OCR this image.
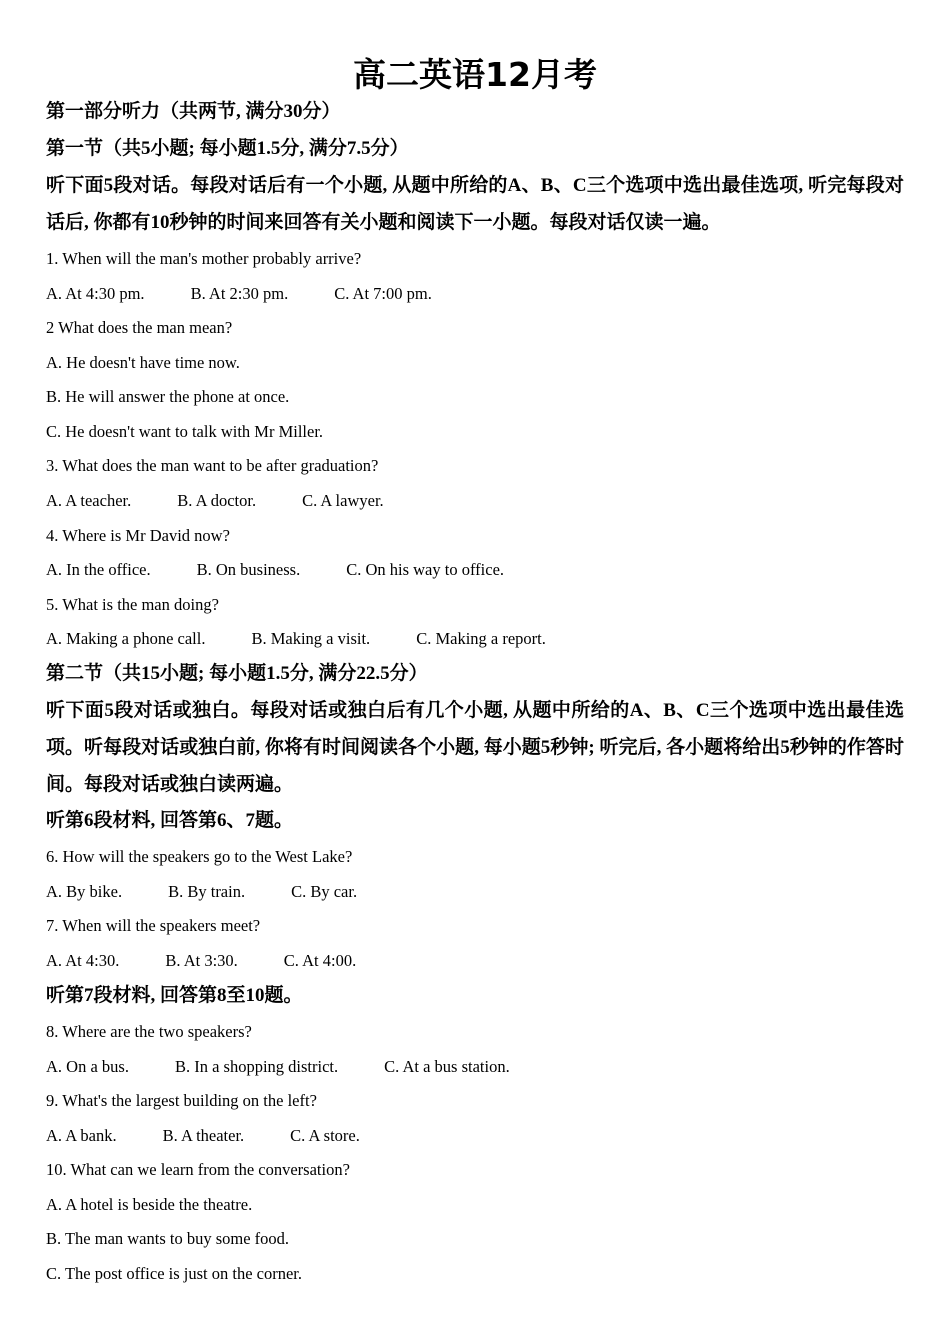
高二英语12月考
第一部分听力（共两节, 满分30分）
第一节（共5小题; 每小题1.5分, 满分7.5分）
听下面5段对话。每段对话后有一个小题, 从题中所给的A、B、C三个选项中选出最佳选项, 听完每段对话后, 你都有10秒钟的时间来回答有关小题和阅读下一小题。每段对话仅读一遍。
1. When will the man's mother probably arrive?
A. At 4:30 pm.	B. At 2:30 pm.	C. At 7:00 pm.
2 What does the man mean?
A. He doesn't have time now.
B. He will answer the phone at once.
C. He doesn't want to talk with Mr Miller.
3. What does the man want to be after graduation?
A. A teacher.	B. A doctor.	C. A lawyer.
4. Where is Mr David now?
A. In the office.	B. On business.	C. On his way to office.
5. What is the man doing?
A. Making a phone call.	B. Making a visit.	C. Making a report.
第二节（共15小题; 每小题1.5分, 满分22.5分）
听下面5段对话或独白。每段对话或独白后有几个小题, 从题中所给的A、B、C三个选项中选出最佳选项。听每段对话或独白前, 你将有时间阅读各个小题, 每小题5秒钟; 听完后, 各小题将给出5秒钟的作答时间。每段对话或独白读两遍。
听第6段材料, 回答第6、7题。
6. How will the speakers go to the West Lake?
A. By bike.	B. By train.	C. By car.
7. When will the speakers meet?
A. At 4:30.	B. At 3:30.	C. At 4:00.
听第7段材料, 回答第8至10题。
8. Where are the two speakers?
A. On a bus.	B. In a shopping district.	C. At a bus station.
9. What's the largest building on the left?
A. A bank.	B. A theater.	C. A store.
10. What can we learn from the conversation?
A. A hotel is beside the theatre.
B. The man wants to buy some food.
C. The post office is just on the corner.
